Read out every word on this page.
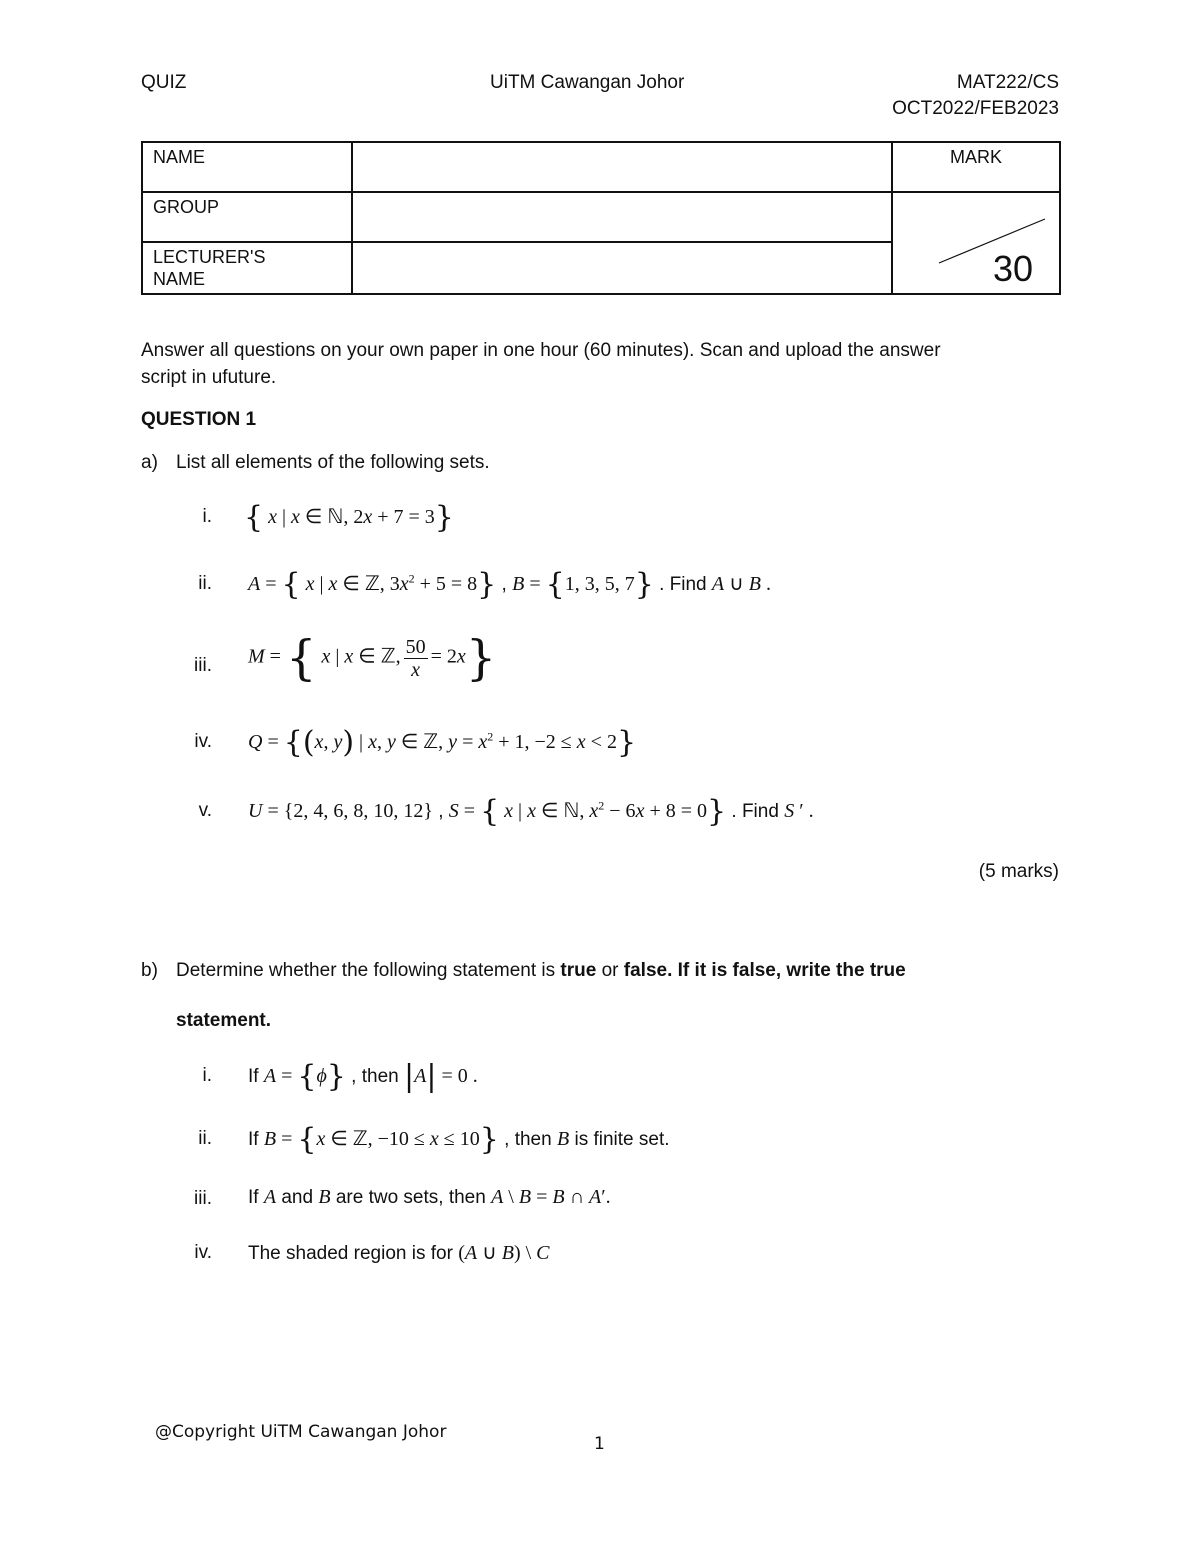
QUIZ	UiTM Cawangan Johor	MAT222/CS
OCT2022/FEB2023
NAME		MARK
GROUP		30

LECTURER'S
NAME		

Answer all questions on your own paper in one hour (60 minutes). Scan and upload the answer
script in ufuture.
QUESTION 1
a) List all elements of the following sets.
i. { x | x ∈ ℕ, 2x + 7 = 3}
ii. A = { x | x ∈ ℤ, $3x^2 + 5 = 8$} , B = {1, 3, 5, 7} . Find A ∪ B .
iii. M = { x | x ∈ ℤ, $\frac{50}{x} = 2x$}
iv. Q = {(x, y) | x, y ∈ ℤ, $y = x^2 + 1$, −2 ≤ x < 2}
v. U = {2, 4, 6, 8, 10, 12} , S = { x | x ∈ ℕ, $x^2 - 6x + 8 = 0$} . Find S ′ .
(5 marks)
b) Determine whether the following statement is true or false. If it is false, write the true
statement.
i. If A = {ϕ} , then |A| = 0 .
ii. If B = {x ∈ ℤ, −10 ≤ x ≤ 10} , then B is finite set.
iii. If A and B are two sets, then A \ B = B ∩ A′.
iv. The shaded region is for (A ∪ B) \ C
@Copyright UiTM Cawangan Johor
1
